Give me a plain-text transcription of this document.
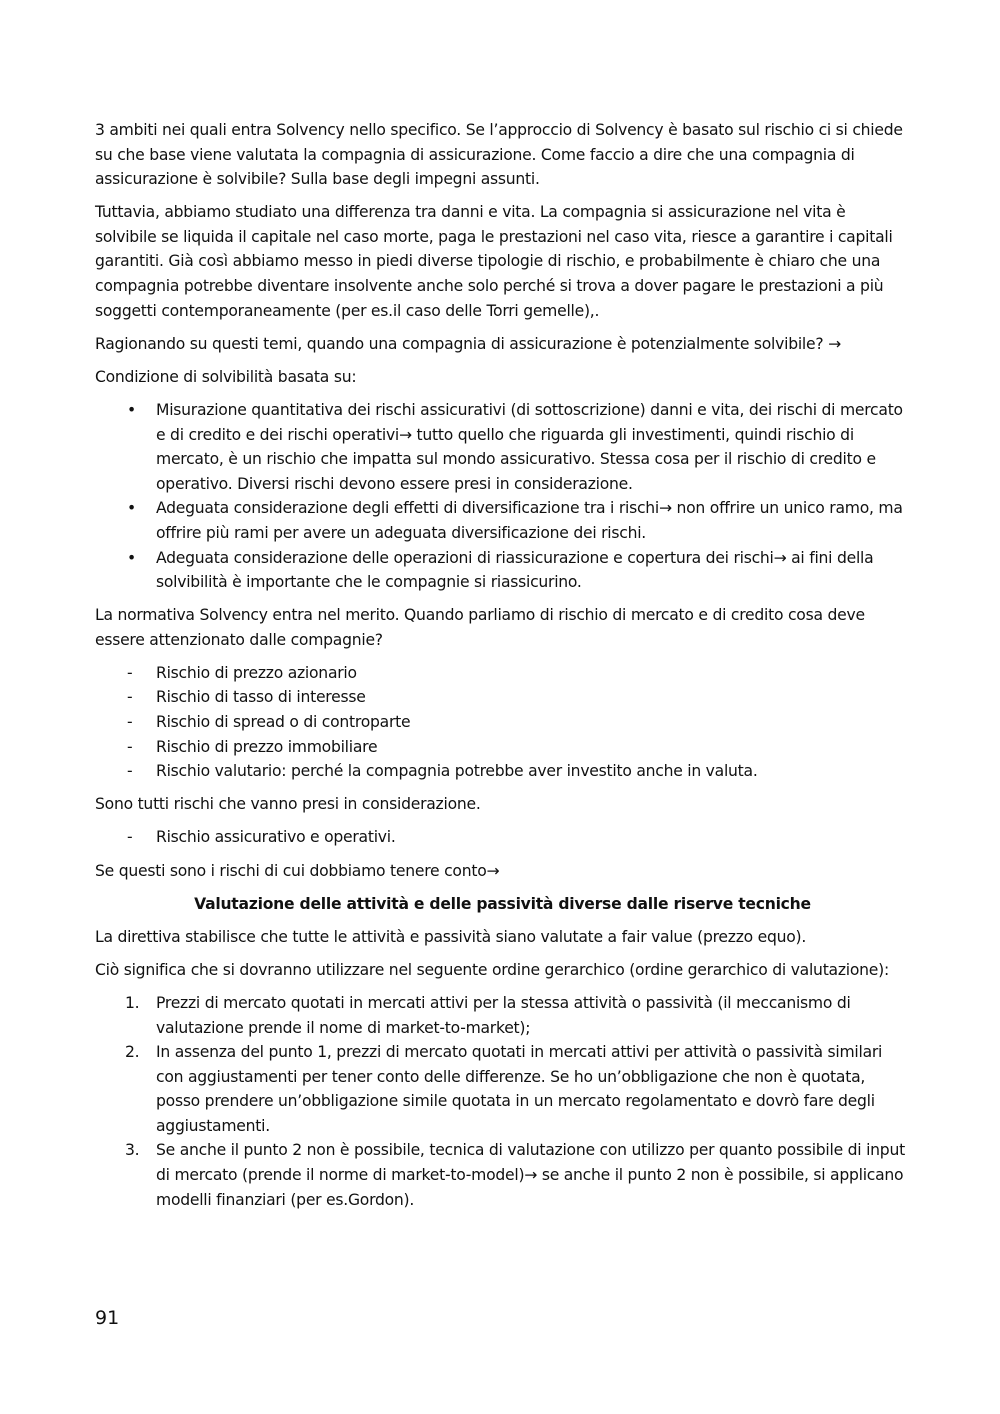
3 ambiti nei quali entra Solvency nello specifico. Se l’approccio di Solvency è basato sul rischio ci si chiede su che base viene valutata la compagnia di assicurazione. Come faccio a dire che una compagnia di assicurazione è solvibile? Sulla base degli impegni assunti.

Tuttavia, abbiamo studiato una differenza tra danni e vita. La compagnia si assicurazione nel vita è solvibile se liquida il capitale nel caso morte, paga le prestazioni nel caso vita, riesce a garantire i capitali garantiti. Già così abbiamo messo in piedi diverse tipologie di rischio, e probabilmente è chiaro che una compagnia potrebbe diventare insolvente anche solo perché si trova a dover pagare le prestazioni a più soggetti contemporaneamente (per es.il caso delle Torri gemelle),.

Ragionando su questi temi, quando una compagnia di assicurazione è potenzialmente solvibile? →

Condizione di solvibilità basata su:

• Misurazione quantitativa dei rischi assicurativi (di sottoscrizione) danni e vita, dei rischi di mercato e di credito e dei rischi operativi→ tutto quello che riguarda gli investimenti, quindi rischio di mercato, è un rischio che impatta sul mondo assicurativo. Stessa cosa per il rischio di credito e operativo. Diversi rischi devono essere presi in considerazione.
• Adeguata considerazione degli effetti di diversificazione tra i rischi→ non offrire un unico ramo, ma offrire più rami per avere un adeguata diversificazione dei rischi.
• Adeguata considerazione delle operazioni di riassicurazione e copertura dei rischi→ ai fini della solvibilità è importante che le compagnie si riassicurino.

La normativa Solvency entra nel merito. Quando parliamo di rischio di mercato e di credito cosa deve essere attenzionato dalle compagnie?

- Rischio di prezzo azionario
- Rischio di tasso di interesse
- Rischio di spread o di controparte
- Rischio di prezzo immobiliare
- Rischio valutario: perché la compagnia potrebbe aver investito anche in valuta.

Sono tutti rischi che vanno presi in considerazione.

- Rischio assicurativo e operativi.

Se questi sono i rischi di cui dobbiamo tenere conto→

Valutazione delle attività e delle passività diverse dalle riserve tecniche

La direttiva stabilisce che tutte le attività e passività siano valutate a fair value (prezzo equo).

Ciò significa che si dovranno utilizzare nel seguente ordine gerarchico (ordine gerarchico di valutazione):

1. Prezzi di mercato quotati in mercati attivi per la stessa attività o passività (il meccanismo di valutazione prende il nome di market-to-market);
2. In assenza del punto 1, prezzi di mercato quotati in mercati attivi per attività o passività similari con aggiustamenti per tener conto delle differenze. Se ho un’obbligazione che non è quotata, posso prendere un’obbligazione simile quotata in un mercato regolamentato e dovrò fare degli aggiustamenti.
3. Se anche il punto 2 non è possibile, tecnica di valutazione con utilizzo per quanto possibile di input di mercato (prende il norme di market-to-model)→ se anche il punto 2 non è possibile, si applicano modelli finanziari (per es.Gordon).
91
